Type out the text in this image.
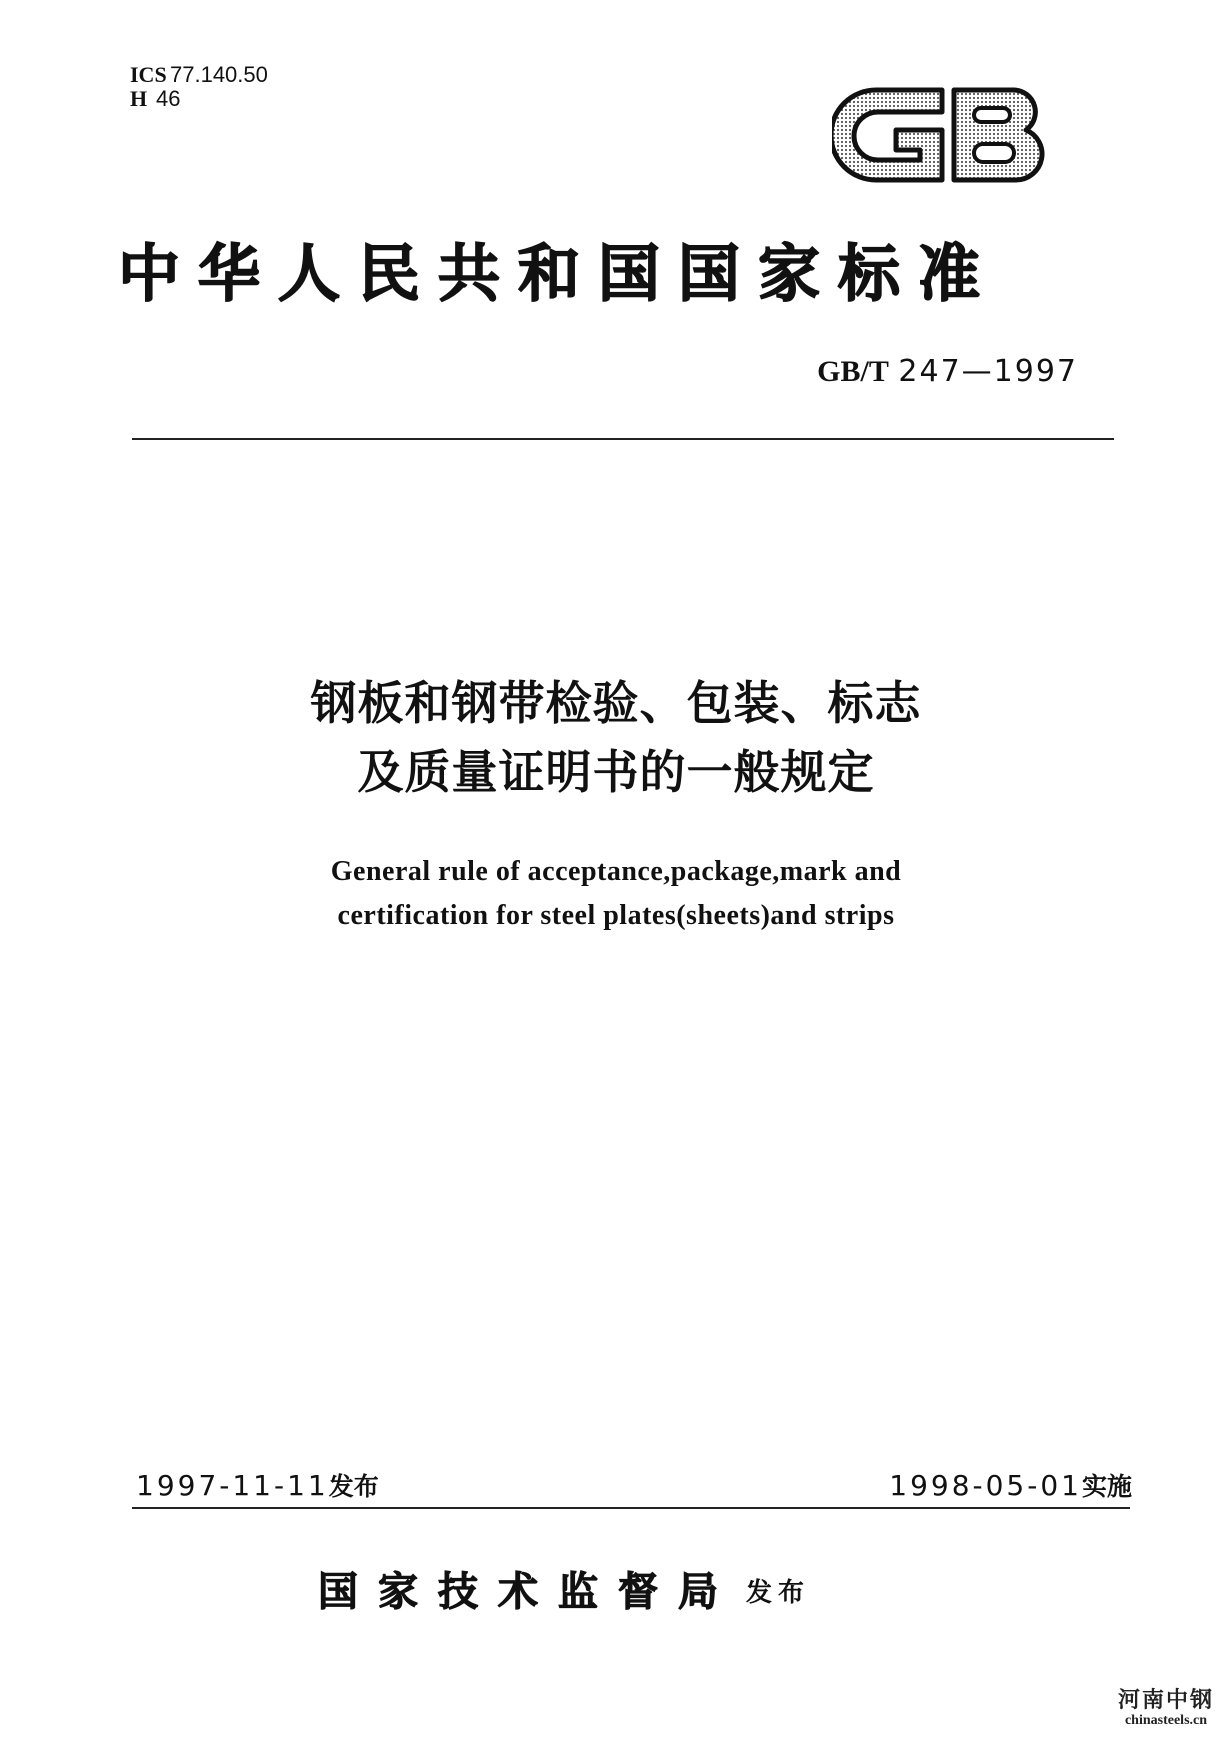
ICS 77.140.50
H 46
中华人民共和国国家标准
GB/T 247—1997
钢板和钢带检验、包装、标志
及质量证明书的一般规定
General rule of acceptance,package,mark and
certification for steel plates(sheets)and strips
1997-11-11发布	1998-05-01实施
国家技术监督局 发布
河南中钢
chinasteels.cn
